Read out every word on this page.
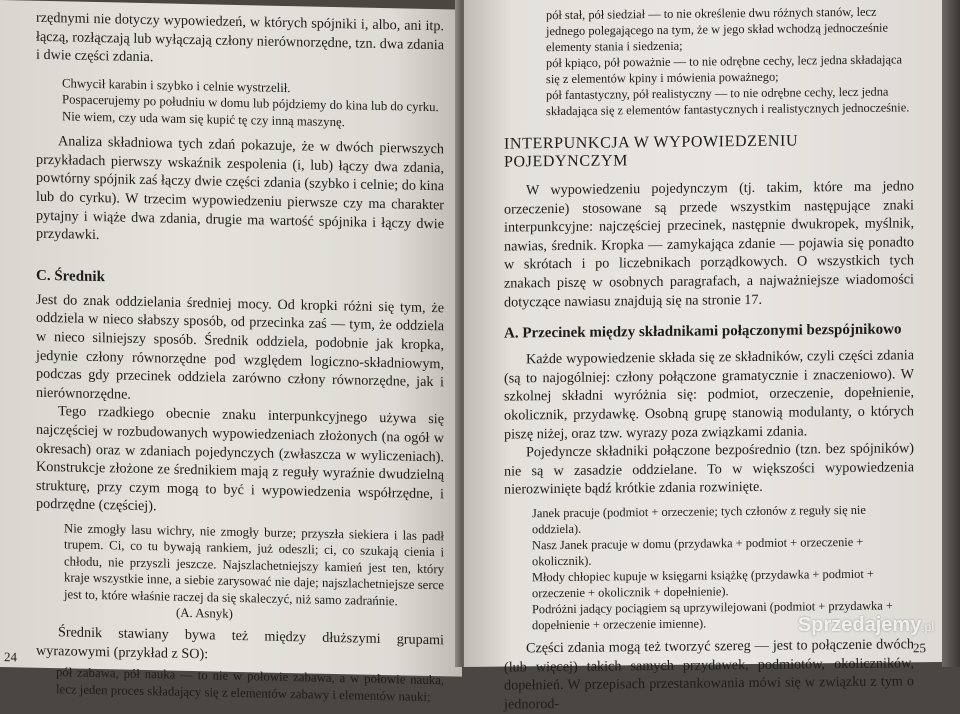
rzędnymi nie dotyczy wypowiedzeń, w których spójniki i, albo, ani itp. łączą, rozłączają lub wyłączają człony nierównorzędne, tzn. dwa zdania i dwie części zdania.

Chwycił karabin i szybko i celnie wystrzelił.

Pospacerujemy po południu w domu lub pójdziemy do kina lub do cyrku.

Nie wiem, czy uda wam się kupić tę czy inną maszynę.

Analiza składniowa tych zdań pokazuje, że w dwóch pierwszych przykładach pierwszy wskaźnik zespolenia (i, lub) łączy dwa zdania, powtórny spójnik zaś łączy dwie części zdania (szybko i celnie; do kina lub do cyrku). W trzecim wypowiedzeniu pierwsze czy ma charakter pytajny i wiąże dwa zdania, drugie ma wartość spójnika i łączy dwie przydawki.

C. Średnik

Jest do znak oddzielania średniej mocy. Od kropki różni się tym, że oddziela w nieco słabszy sposób, od przecinka zaś — tym, że oddziela w nieco silniejszy sposób. Średnik oddziela, podobnie jak kropka, jedynie człony równorzędne pod względem logiczno-składniowym, podczas gdy przecinek oddziela zarówno człony równorzędne, jak i nierównorzędne.

Tego rzadkiego obecnie znaku interpunkcyjnego używa się najczęściej w rozbudowanych wypowiedzeniach złożonych (na ogół w okresach) oraz w zdaniach pojedynczych (zwłaszcza w wyliczeniach). Konstrukcje złożone ze średnikiem mają z reguły wyraźnie dwudzielną strukturę, przy czym mogą to być i wypowiedzenia współrzędne, i podrzędne (częściej).

Nie zmogły lasu wichry, nie zmogły burze; przyszła siekiera i las padł trupem. Ci, co tu bywają rankiem, już odeszli; ci, co szukają cienia i chłodu, nie przyszli jeszcze. Najszlachetniejszy kamień jest ten, który kraje wszystkie inne, a siebie zarysować nie daje; najszlachetniejsze serce jest to, które właśnie raczej da się skaleczyć, niż samo zadrańnie.

(A. Asnyk)

Średnik stawiany bywa też między dłuższymi grupami wyrazowymi (przykład z SO):

pół zabawa, pół nauka — to nie w połowie zabawa, a w połowie nauka, lecz jeden proces składający się z elementów zabawy i elementów nauki;

24

pół stał, pół siedział — to nie określenie dwu różnych stanów, lecz jednego polegającego na tym, że w jego skład wchodzą jednocześnie elementy stania i siedzenia;

pół kpiąco, pół poważnie — to nie odrębne cechy, lecz jedna składająca się z elementów kpiny i mówienia poważnego;

pół fantastyczny, pół realistyczny — to nie odrębne cechy, lecz jedna składająca się z elementów fantastycznych i realistycznych jednocześnie.

INTERPUNKCJA W WYPOWIEDZENIU POJEDYNCZYM

W wypowiedzeniu pojedynczym (tj. takim, które ma jedno orzeczenie) stosowane są przede wszystkim następujące znaki interpunkcyjne: najczęściej przecinek, następnie dwukropek, myślnik, nawias, średnik. Kropka — zamykająca zdanie — pojawia się ponadto w skrótach i po liczebnikach porządkowych. O wszystkich tych znakach piszę w osobnych paragrafach, a najważniejsze wiadomości dotyczące nawiasu znajdują się na stronie 17.

A. Przecinek między składnikami połączonymi bezspójnikowo

Każde wypowiedzenie składa się ze składników, czyli części zdania (są to najogólniej: człony połączone gramatycznie i znaczeniowo). W szkolnej składni wyróżnia się: podmiot, orzeczenie, dopełnienie, okolicznik, przydawkę. Osobną grupę stanowią modulanty, o których piszę niżej, oraz tzw. wyrazy poza związkami zdania.

Pojedyncze składniki połączone bezpośrednio (tzn. bez spójników) nie są w zasadzie oddzielane. To w większości wypowiedzenia nierozwinięte bądź krótkie zdania rozwinięte.

Janek pracuje (podmiot + orzeczenie; tych członów z reguły się nie oddziela).

Nasz Janek pracuje w domu (przydawka + podmiot + orzeczenie + okolicznik).

Młody chłopiec kupuje w księgarni książkę (przydawka + podmiot + orzeczenie + okolicznik + dopełnienie).

Podróżni jadący pociągiem są uprzywilejowani (podmiot + przydawka + dopełnienie + orzeczenie imienne).

Części zdania mogą też tworzyć szereg — jest to połączenie dwóch (lub więcej) takich samych przydawek, podmiotów, okoliczników, dopełnień. W przepisach przestankowania mówi się w związku z tym o jednorod-

25
Sprzedajemy.pl
